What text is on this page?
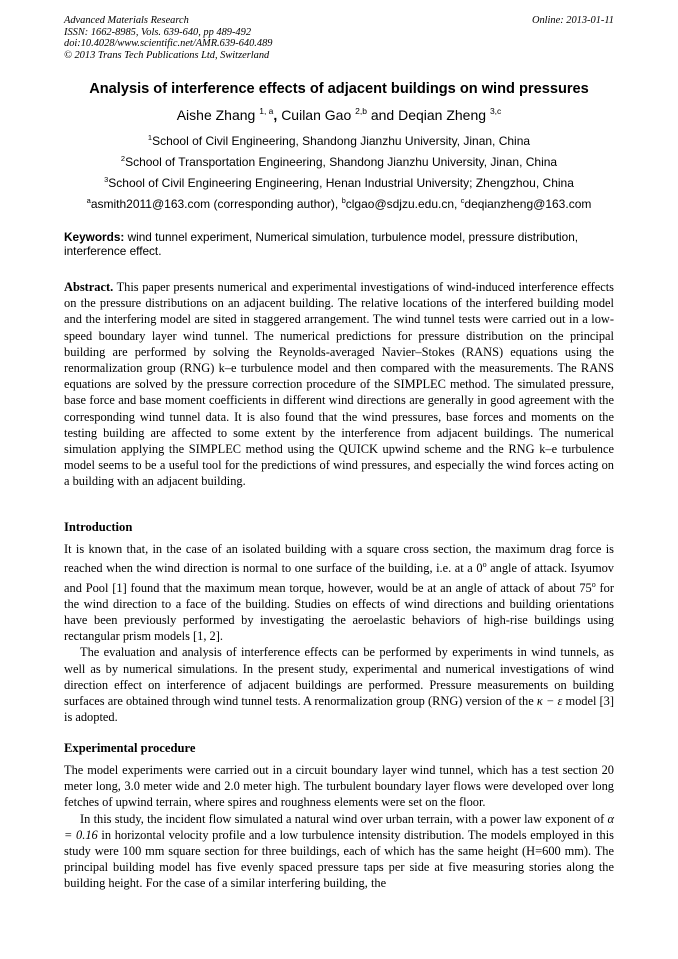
Advanced Materials Research
ISSN: 1662-8985, Vols. 639-640, pp 489-492
doi:10.4028/www.scientific.net/AMR.639-640.489
© 2013 Trans Tech Publications Ltd, Switzerland
Online: 2013-01-11
Analysis of interference effects of adjacent buildings on wind pressures
Aishe Zhang $^{1, a}$, Cuilan Gao $^{2,b}$ and Deqian Zheng $^{3,c}$
$^1$School of Civil Engineering, Shandong Jianzhu University, Jinan, China
$^2$School of Transportation Engineering, Shandong Jianzhu University, Jinan, China
$^3$School of Civil Engineering Engineering, Henan Industrial University; Zhengzhou, China
$^a$asmith2011@163.com (corresponding author), $^b$clgao@sdjzu.edu.cn, $^c$deqianzheng@163.com
Keywords: wind tunnel experiment, Numerical simulation, turbulence model, pressure distribution, interference effect.

Abstract. This paper presents numerical and experimental investigations of wind-induced interference effects on the pressure distributions on an adjacent building. The relative locations of the interfered building model and the interfering model are sited in staggered arrangement. The wind tunnel tests were carried out in a low-speed boundary layer wind tunnel. The numerical predictions for pressure distribution on the principal building are performed by solving the Reynolds-averaged Navier–Stokes (RANS) equations using the renormalization group (RNG) k–e turbulence model and then compared with the measurements. The RANS equations are solved by the pressure correction procedure of the SIMPLEC method. The simulated pressure, base force and base moment coefficients in different wind directions are generally in good agreement with the corresponding wind tunnel data. It is also found that the wind pressures, base forces and moments on the testing building are affected to some extent by the interference from adjacent buildings. The numerical simulation applying the SIMPLEC method using the QUICK upwind scheme and the RNG k–e turbulence model seems to be a useful tool for the predictions of wind pressures, and especially the wind forces acting on a building with an adjacent building.

Introduction

It is known that, in the case of an isolated building with a square cross section, the maximum drag force is reached when the wind direction is normal to one surface of the building, i.e. at a 0$^o$ angle of attack. Isyumov and Pool [1] found that the maximum mean torque, however, would be at an angle of attack of about 75$^o$ for the wind direction to a face of the building. Studies on effects of wind directions and building orientations have been previously performed by investigating the aeroelastic behaviors of high-rise buildings using rectangular prism models [1, 2].

The evaluation and analysis of interference effects can be performed by experiments in wind tunnels, as well as by numerical simulations. In the present study, experimental and numerical investigations of wind direction effect on interference of adjacent buildings are performed. Pressure measurements on building surfaces are obtained through wind tunnel tests. A renormalization group (RNG) version of the κ − ε model [3] is adopted.

Experimental procedure

The model experiments were carried out in a circuit boundary layer wind tunnel, which has a test section 20 meter long, 3.0 meter wide and 2.0 meter high. The turbulent boundary layer flows were developed over long fetches of upwind terrain, where spires and roughness elements were set on the floor.

In this study, the incident flow simulated a natural wind over urban terrain, with a power law exponent of α = 0.16 in horizontal velocity profile and a low turbulence intensity distribution. The models employed in this study were 100 mm square section for three buildings, each of which has the same height (H=600 mm). The principal building model has five evenly spaced pressure taps per side at five measuring stories along the building height. For the case of a similar interfering building, the
